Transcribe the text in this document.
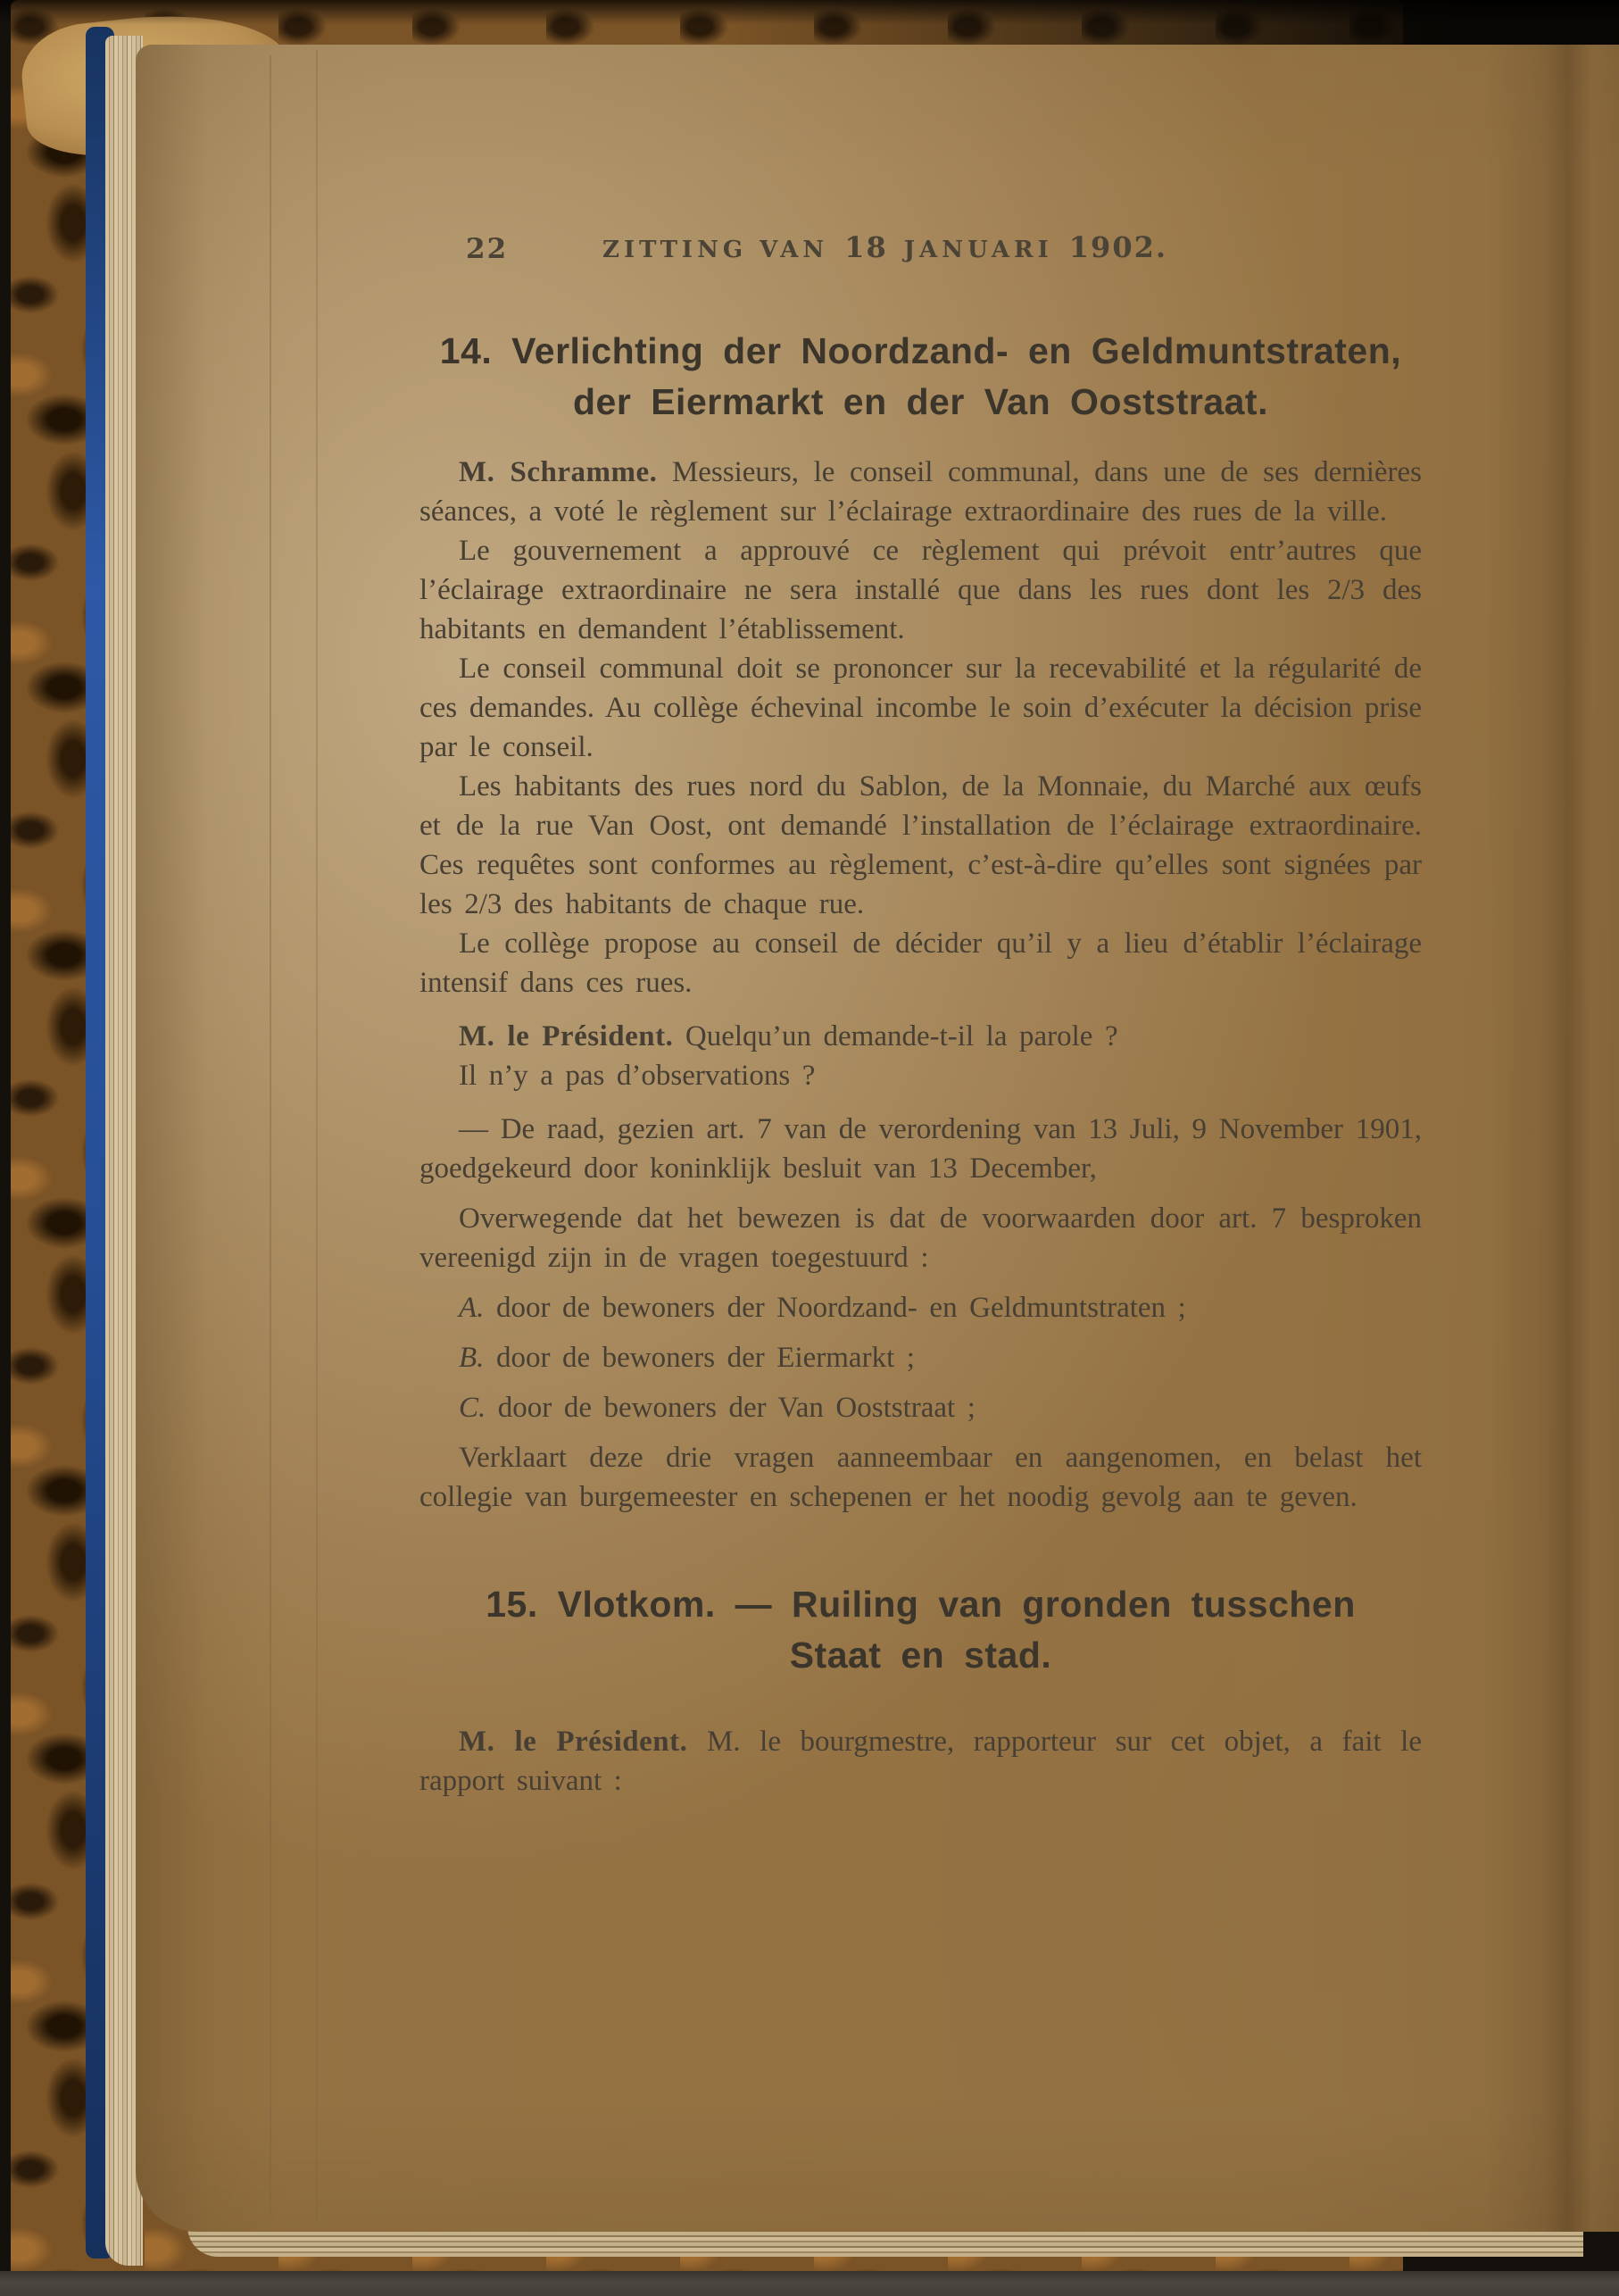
22	ZITTING VAN 18 JANUARI 1902.
14. Verlichting der Noordzand- en Geldmuntstraten,
der Eiermarkt en der Van Ooststraat.

M. Schramme. Messieurs, le conseil communal, dans une de ses dernières séances, a voté le règlement sur l’éclairage extraordinaire des rues de la ville.

Le gouvernement a approuvé ce règlement qui prévoit entr’autres que l’éclairage extraordinaire ne sera installé que dans les rues dont les 2/3 des habitants en demandent l’établissement.

Le conseil communal doit se prononcer sur la recevabilité et la régularité de ces demandes. Au collège échevinal incombe le soin d’exécuter la décision prise par le conseil.

Les habitants des rues nord du Sablon, de la Monnaie, du Marché aux œufs et de la rue Van Oost, ont demandé l’installation de l’éclairage extraordinaire. Ces requêtes sont conformes au règlement, c’est-à-dire qu’elles sont signées par les 2/3 des habitants de chaque rue.

Le collège propose au conseil de décider qu’il y a lieu d’établir l’éclairage intensif dans ces rues.

M. le Président. Quelqu’un demande-t-il la parole ?

Il n’y a pas d’observations ?

— De raad, gezien art. 7 van de verordening van 13 Juli, 9 November 1901, goedgekeurd door koninklijk besluit van 13 December,

Overwegende dat het bewezen is dat de voorwaarden door art. 7 besproken vereenigd zijn in de vragen toegestuurd :

A. door de bewoners der Noordzand- en Geldmuntstraten ;

B. door de bewoners der Eiermarkt ;

C. door de bewoners der Van Ooststraat ;

Verklaart deze drie vragen aanneembaar en aangenomen, en belast het collegie van burgemeester en schepenen er het noodig gevolg aan te geven.

15. Vlotkom. — Ruiling van gronden tusschen
Staat en stad.

M. le Président. M. le bourgmestre, rapporteur sur cet objet, a fait le rapport suivant :
